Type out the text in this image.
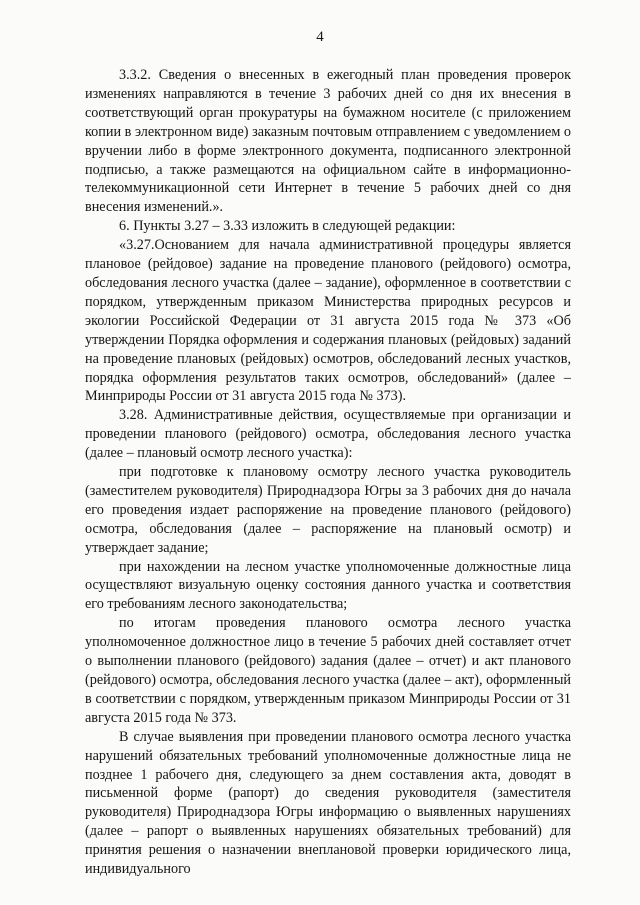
4

3.3.2. Сведения о внесенных в ежегодный план проведения проверок изменениях направляются в течение 3 рабочих дней со дня их внесения в соответствующий орган прокуратуры на бумажном носителе (с приложением копии в электронном виде) заказным почтовым отправлением с уведомлением о вручении либо в форме электронного документа, подписанного электронной подписью, а также размещаются на официальном сайте в информационно-телекоммуникационной сети Интернет в течение 5 рабочих дней со дня внесения изменений.».

6. Пункты 3.27 – 3.33 изложить в следующей редакции:

«3.27.Основанием для начала административной процедуры является плановое (рейдовое) задание на проведение планового (рейдового) осмотра, обследования лесного участка (далее – задание), оформленное в соответствии с порядком, утвержденным приказом Министерства природных ресурсов и экологии Российской Федерации от 31 августа 2015 года № 373 «Об утверждении Порядка оформления и содержания плановых (рейдовых) заданий на проведение плановых (рейдовых) осмотров, обследований лесных участков, порядка оформления результатов таких осмотров, обследований» (далее – Минприроды России от 31 августа 2015 года № 373).

3.28. Административные действия, осуществляемые при организации и проведении планового (рейдового) осмотра, обследования лесного участка (далее – плановый осмотр лесного участка):

при подготовке к плановому осмотру лесного участка руководитель (заместителем руководителя) Природнадзора Югры за 3 рабочих дня до начала его проведения издает распоряжение на проведение планового (рейдового) осмотра, обследования (далее – распоряжение на плановый осмотр) и утверждает задание;

при нахождении на лесном участке уполномоченные должностные лица осуществляют визуальную оценку состояния данного участка и соответствия его требованиям лесного законодательства;

по итогам проведения планового осмотра лесного участка уполномоченное должностное лицо в течение 5 рабочих дней составляет отчет о выполнении планового (рейдового) задания (далее – отчет) и акт планового (рейдового) осмотра, обследования лесного участка (далее – акт), оформленный в соответствии с порядком, утвержденным приказом Минприроды России от 31 августа 2015 года № 373.

В случае выявления при проведении планового осмотра лесного участка нарушений обязательных требований уполномоченные должностные лица не позднее 1 рабочего дня, следующего за днем составления акта, доводят в письменной форме (рапорт) до сведения руководителя (заместителя руководителя) Природнадзора Югры информацию о выявленных нарушениях (далее – рапорт о выявленных нарушениях обязательных требований) для принятия решения о назначении внеплановой проверки юридического лица, индивидуального
